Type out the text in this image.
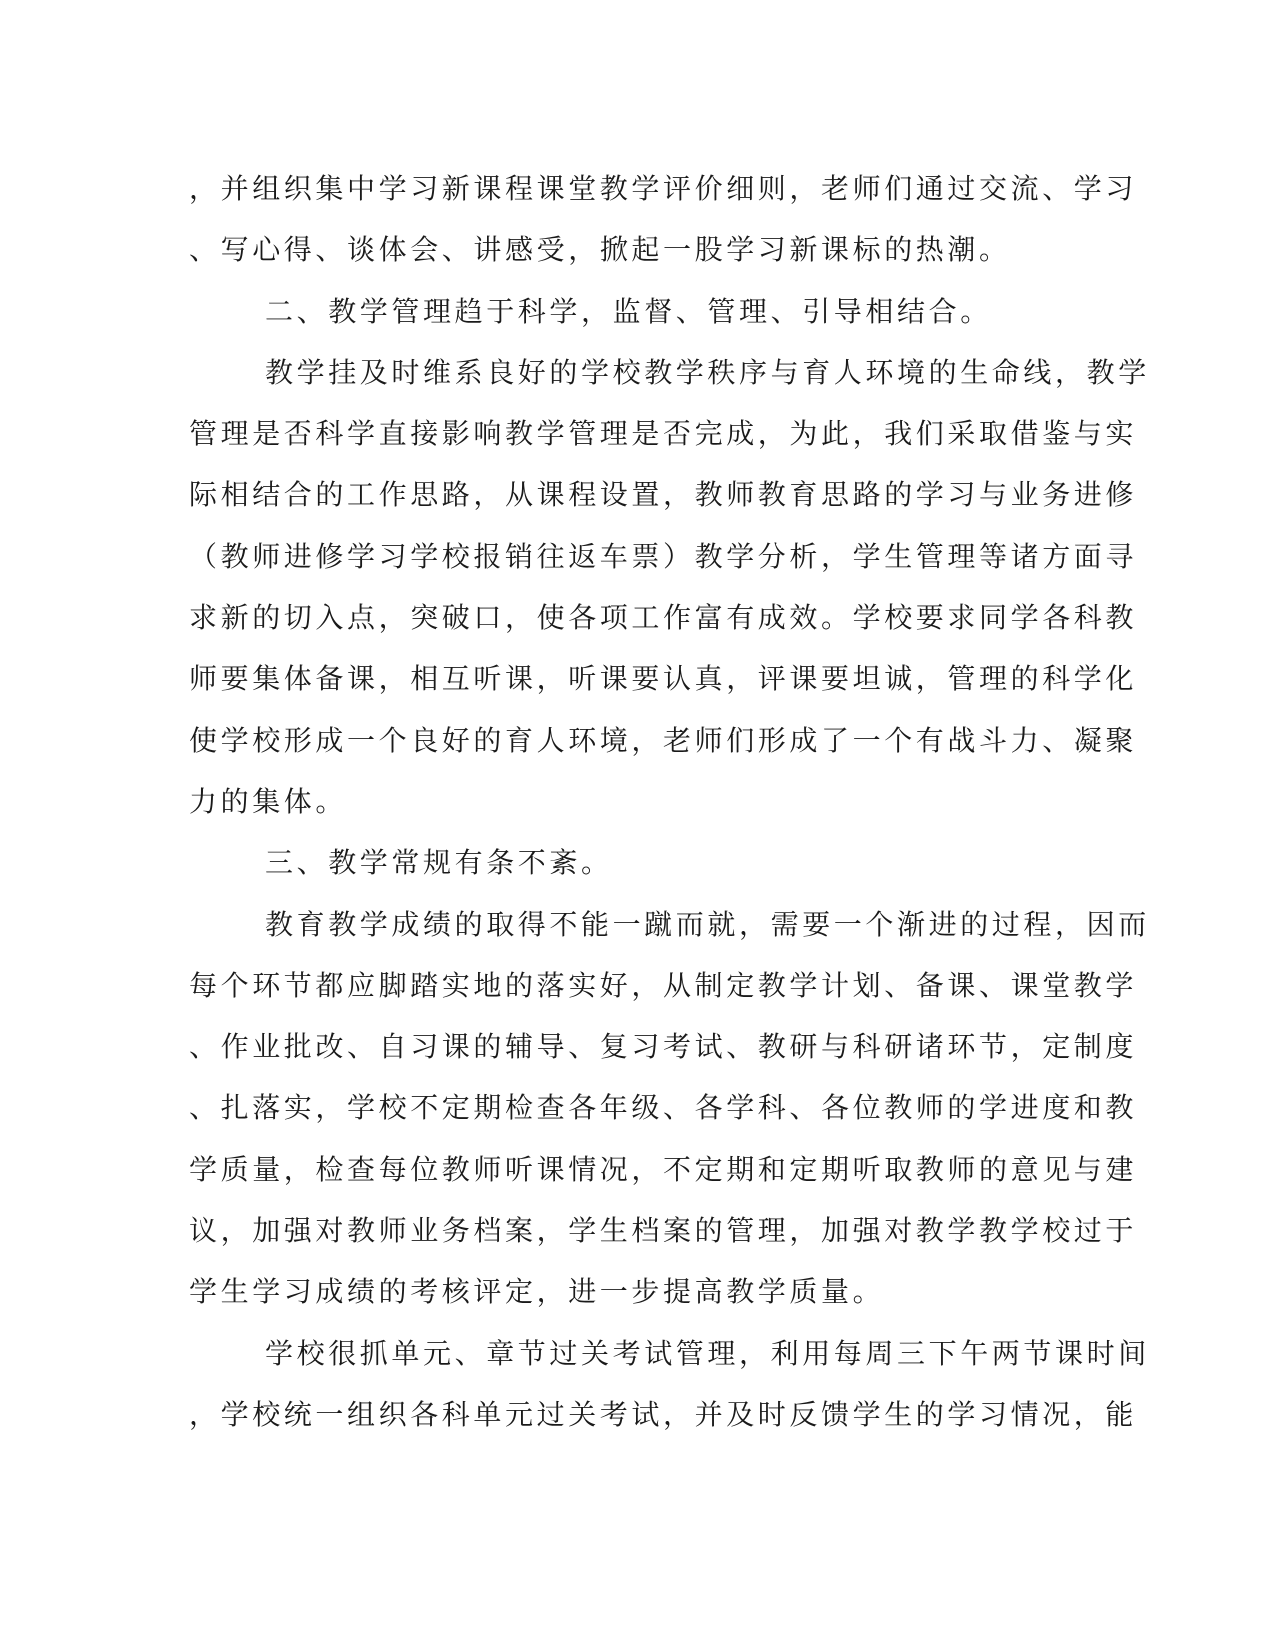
，并组织集中学习新课程课堂教学评价细则，老师们通过交流、学习
、写心得、谈体会、讲感受，掀起一股学习新课标的热潮。
二、教学管理趋于科学，监督、管理、引导相结合。
教学挂及时维系良好的学校教学秩序与育人环境的生命线，教学
管理是否科学直接影响教学管理是否完成，为此，我们采取借鉴与实
际相结合的工作思路，从课程设置，教师教育思路的学习与业务进修
（教师进修学习学校报销往返车票）教学分析，学生管理等诸方面寻
求新的切入点，突破口，使各项工作富有成效。学校要求同学各科教
师要集体备课，相互听课，听课要认真，评课要坦诚，管理的科学化
使学校形成一个良好的育人环境，老师们形成了一个有战斗力、凝聚
力的集体。
三、教学常规有条不紊。
教育教学成绩的取得不能一蹴而就，需要一个渐进的过程，因而
每个环节都应脚踏实地的落实好，从制定教学计划、备课、课堂教学
、作业批改、自习课的辅导、复习考试、教研与科研诸环节，定制度
、扎落实，学校不定期检查各年级、各学科、各位教师的学进度和教
学质量，检查每位教师听课情况，不定期和定期听取教师的意见与建
议，加强对教师业务档案，学生档案的管理，加强对教学教学校过于
学生学习成绩的考核评定，进一步提高教学质量。
学校很抓单元、章节过关考试管理，利用每周三下午两节课时间
，学校统一组织各科单元过关考试，并及时反馈学生的学习情况，能
